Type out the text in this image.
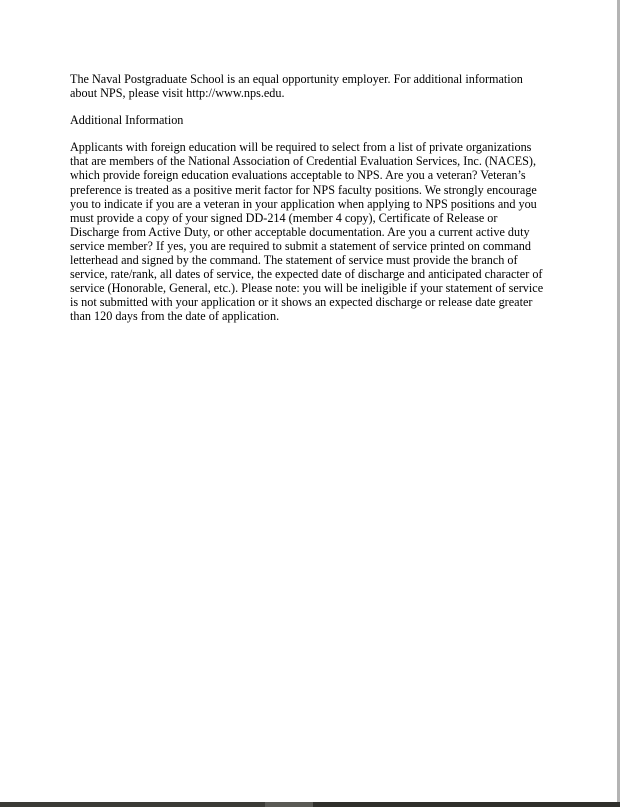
The Naval Postgraduate School is an equal opportunity employer. For additional information
about NPS, please visit http://www.nps.edu.

Additional Information

Applicants with foreign education will be required to select from a list of private organizations
that are members of the National Association of Credential Evaluation Services, Inc. (NACES),
which provide foreign education evaluations acceptable to NPS. Are you a veteran? Veteran’s
preference is treated as a positive merit factor for NPS faculty positions. We strongly encourage
you to indicate if you are a veteran in your application when applying to NPS positions and you
must provide a copy of your signed DD-214 (member 4 copy), Certificate of Release or
Discharge from Active Duty, or other acceptable documentation. Are you a current active duty
service member? If yes, you are required to submit a statement of service printed on command
letterhead and signed by the command. The statement of service must provide the branch of
service, rate/rank, all dates of service, the expected date of discharge and anticipated character of
service (Honorable, General, etc.). Please note: you will be ineligible if your statement of service
is not submitted with your application or it shows an expected discharge or release date greater
than 120 days from the date of application.
